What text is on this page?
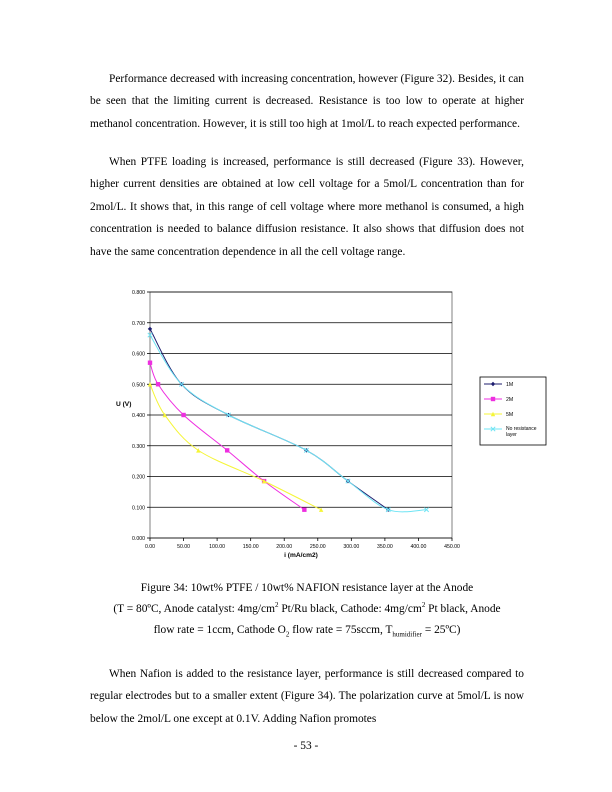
Performance decreased with increasing concentration, however (Figure 32). Besides, it can be seen that the limiting current is decreased. Resistance is too low to operate at higher methanol concentration. However, it is still too high at 1mol/L to reach expected performance.

When PTFE loading is increased, performance is still decreased (Figure 33). However, higher current densities are obtained at low cell voltage for a 5mol/L concentration than for 2mol/L. It shows that, in this range of cell voltage where more methanol is consumed, a high concentration is needed to balance diffusion resistance. It also shows that diffusion does not have the same concentration dependence in all the cell voltage range.

0.000
0.100
0.200
0.300
0.400
0.500
0.600
0.700
0.800
0.00	50.00	100.00	150.00	200.00	250.00	300.00	350.00	400.00	450.00
i (mA/cm2)
U (V)
1M
2M
5M
No resistance
layer
Figure 34: 10wt% PTFE / 10wt% NAFION resistance layer at the Anode
(T = 80ºC, Anode catalyst: $4mg/cm^2$ Pt/Ru black, Cathode: $4mg/cm^2$ Pt black, Anode
flow rate = 1ccm, Cathode $O_2$ flow rate = 75sccm, $T_{humidifier}$ = 25ºC)

When Nafion is added to the resistance layer, performance is still decreased compared to regular electrodes but to a smaller extent (Figure 34). The polarization curve at 5mol/L is now below the 2mol/L one except at 0.1V. Adding Nafion promotes

- 53 -
